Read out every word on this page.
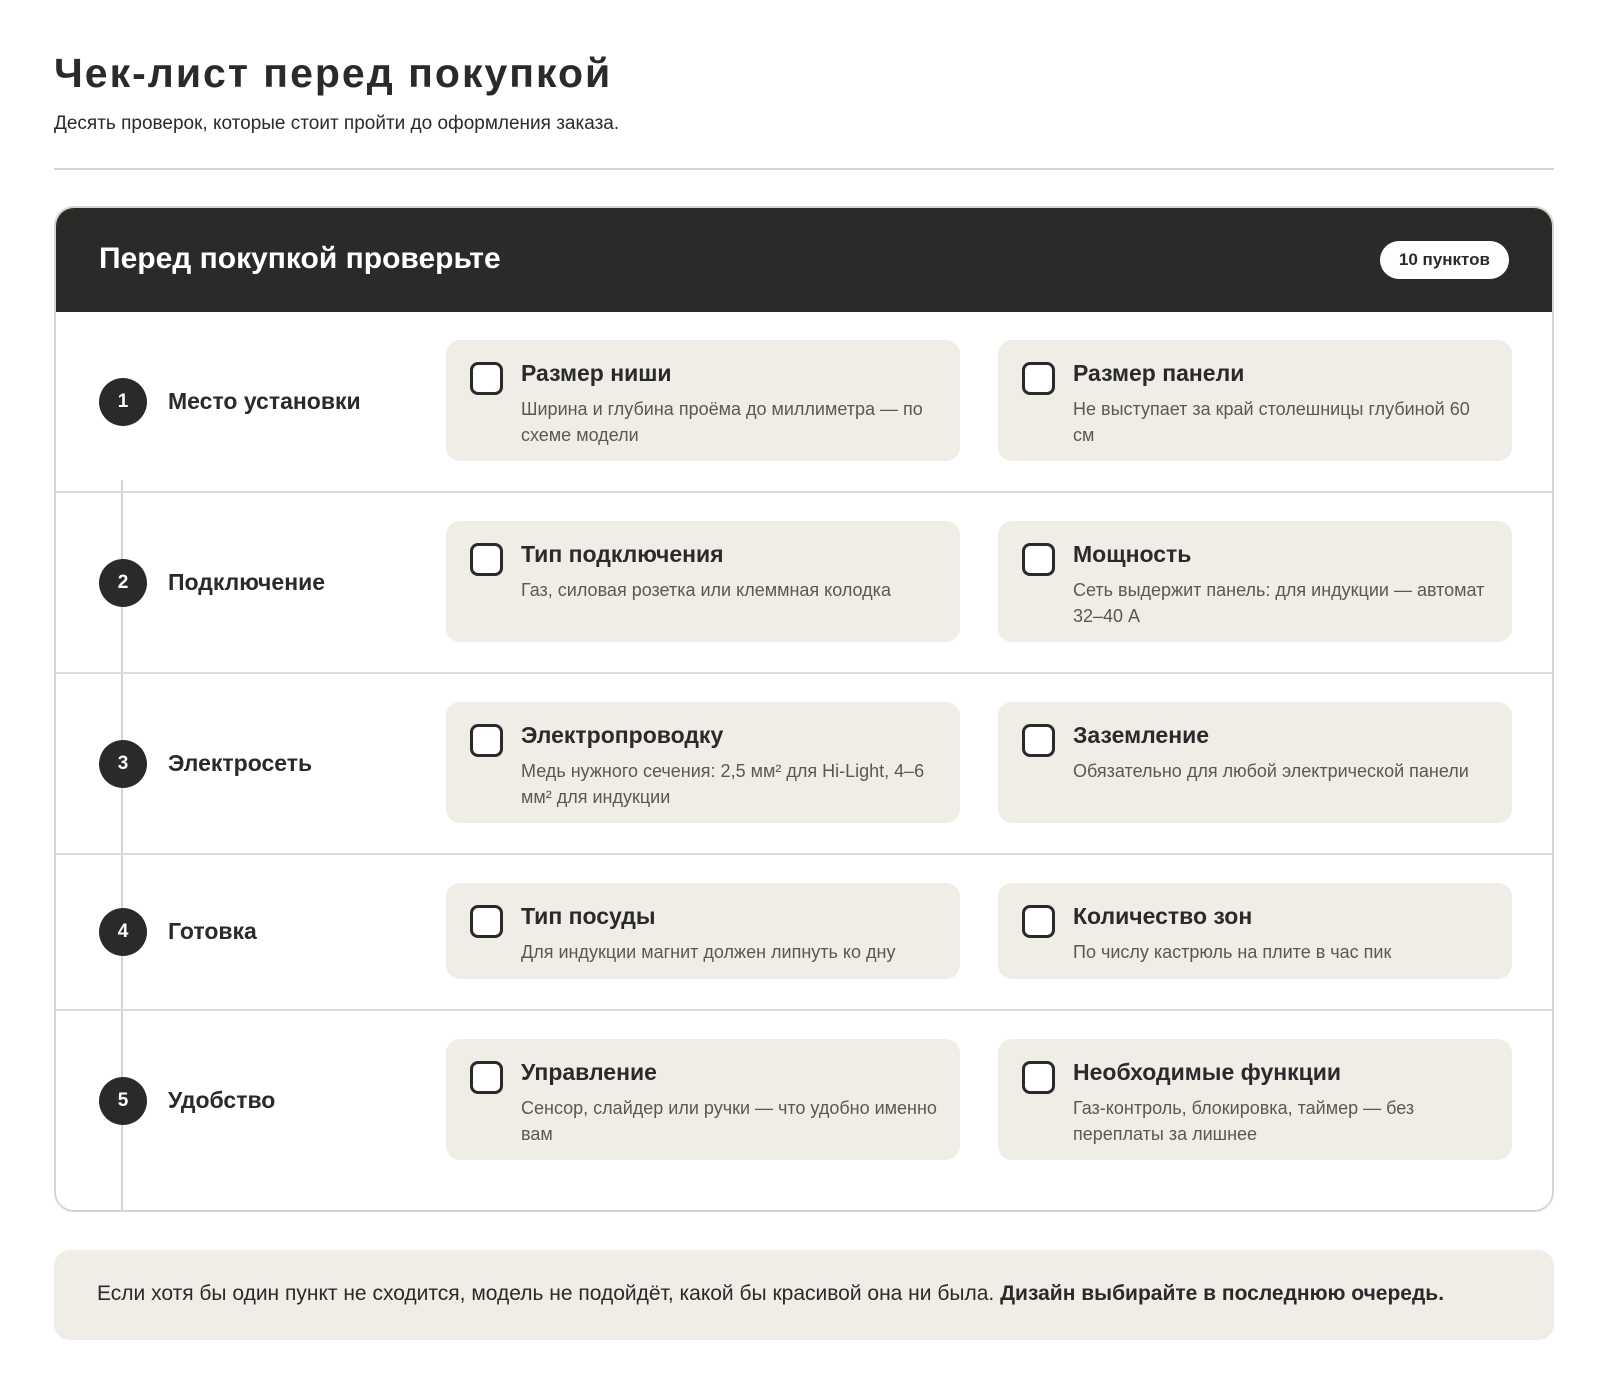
Чек-лист перед покупкой

Десять проверок, которые стоит пройти до оформления заказа.

Перед покупкой проверьте	10 пунктов
1	Место установки
Размер ниши
Ширина и глубина проёма до миллиметра — по схеме модели
Размер панели
Не выступает за край столешницы глубиной 60 см
2	Подключение
Тип подключения
Газ, силовая розетка или клеммная колодка
Мощность
Сеть выдержит панель: для индукции — автомат 32–40 А
3	Электросеть
Электропроводку
Медь нужного сечения: 2,5 мм² для Hi-Light, 4–6 мм² для индукции
Заземление
Обязательно для любой электрической панели
4	Готовка
Тип посуды
Для индукции магнит должен липнуть ко дну
Количество зон
По числу кастрюль на плите в час пик
5	Удобство
Управление
Сенсор, слайдер или ручки — что удобно именно вам
Необходимые функции
Газ-контроль, блокировка, таймер — без переплаты за лишнее

Если хотя бы один пункт не сходится, модель не подойдёт, какой бы красивой она ни была. Дизайн выбирайте в последнюю очередь.
